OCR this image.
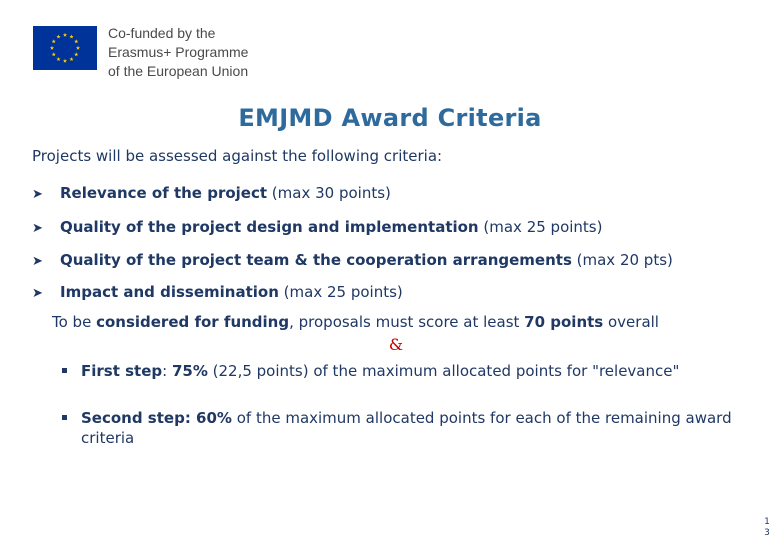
Co-funded by the
Erasmus+ Programme
of the European Union
EMJMD Award Criteria
Projects will be assessed against the following criteria:
➤ Relevance of the project (max 30 points)
➤ Quality of the project design and implementation (max 25 points)
➤ Quality of the project team & the cooperation arrangements (max 20 pts)
➤ Impact and dissemination (max 25 points)
To be considered for funding, proposals must score at least 70 points overall
&
First step: 75% (22,5 points) of the maximum allocated points for "relevance"
Second step: 60% of the maximum allocated points for each of the remaining award criteria
1
3
